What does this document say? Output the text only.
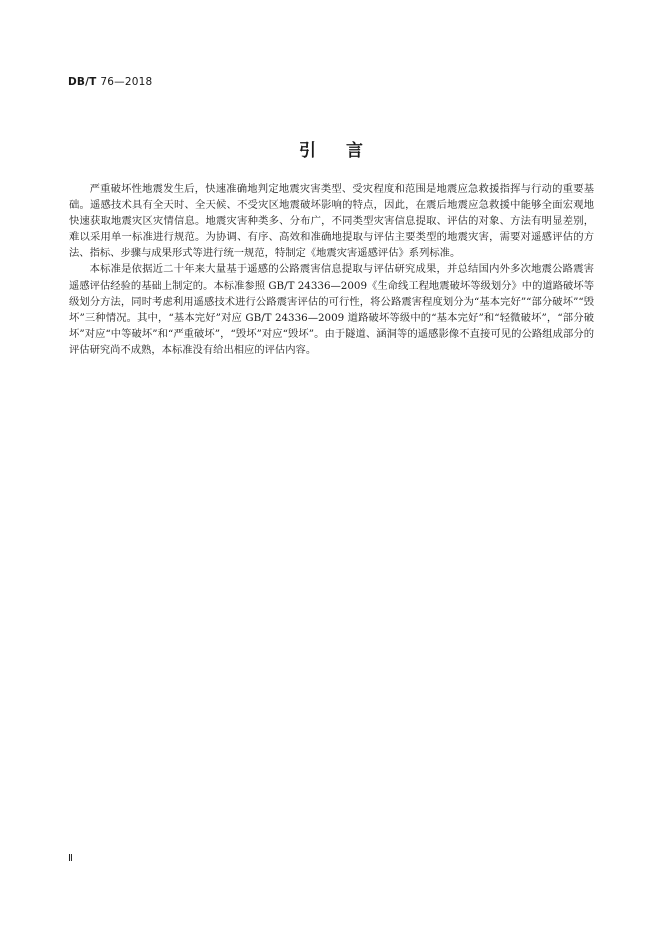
DB/T 76—2018
引言

严重破坏性地震发生后，快速准确地判定地震灾害类型、受灾程度和范围是地震应急救援指挥与行动的重要基础。遥感技术具有全天时、全天候、不受灾区地震破坏影响的特点，因此，在震后地震应急救援中能够全面宏观地快速获取地震灾区灾情信息。地震灾害种类多、分布广，不同类型灾害信息提取、评估的对象、方法有明显差别，难以采用单一标准进行规范。为协调、有序、高效和准确地提取与评估主要类型的地震灾害，需要对遥感评估的方法、指标、步骤与成果形式等进行统一规范，特制定《地震灾害遥感评估》系列标准。

本标准是依据近二十年来大量基于遥感的公路震害信息提取与评估研究成果，并总结国内外多次地震公路震害遥感评估经验的基础上制定的。本标准参照 GB/T 24336—2009《生命线工程地震破坏等级划分》中的道路破坏等级划分方法，同时考虑利用遥感技术进行公路震害评估的可行性，将公路震害程度划分为“基本完好”“部分破坏”“毁坏”三种情况。其中，“基本完好”对应 GB/T 24336—2009 道路破坏等级中的“基本完好”和“轻微破坏”，“部分破坏”对应“中等破坏”和“严重破坏”，“毁坏”对应“毁坏”。由于隧道、涵洞等的遥感影像不直接可见的公路组成部分的评估研究尚不成熟，本标准没有给出相应的评估内容。

Ⅱ
